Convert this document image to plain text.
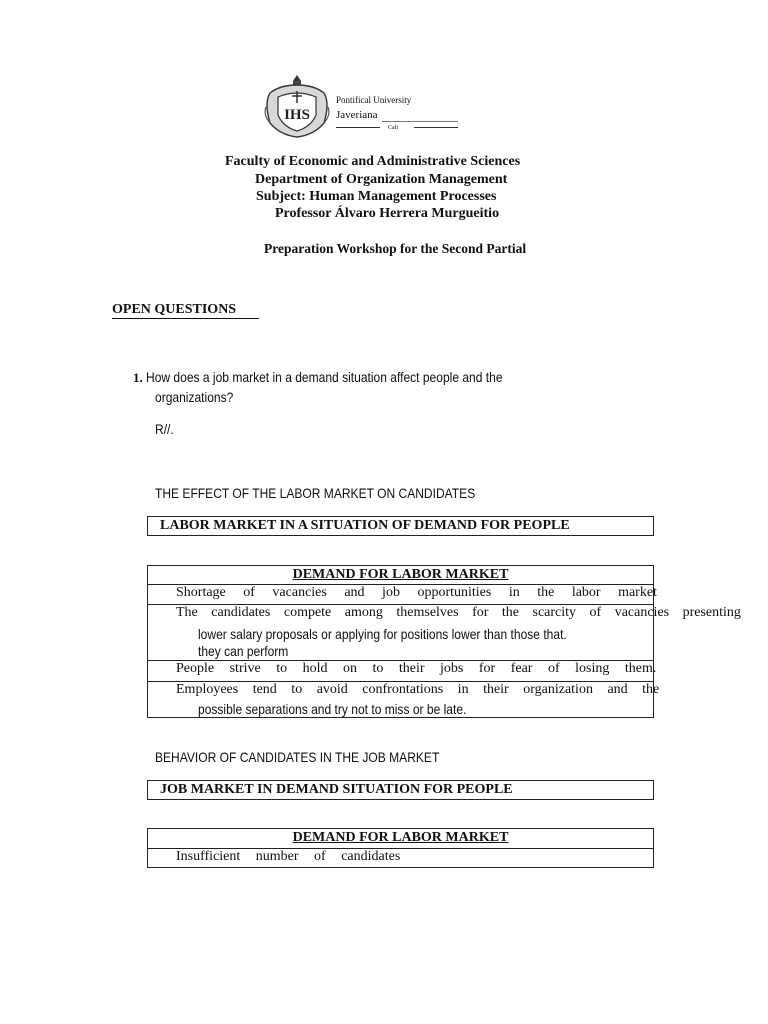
IHS
Pontifical University
Javeriana
Cali
Faculty of Economic and Administrative Sciences
Department of Organization Management
Subject: Human Management Processes
Professor Álvaro Herrera Murgueitio
Preparation Workshop for the Second Partial
OPEN QUESTIONS
1. How does a job market in a demand situation affect people and the
organizations?
R//.
THE EFFECT OF THE LABOR MARKET ON CANDIDATES
LABOR MARKET IN A SITUATION OF DEMAND FOR PEOPLE
DEMAND FOR LABOR MARKET
Shortage of vacancies and job opportunities in the labor market
The candidates compete among themselves for the scarcity of vacancies presenting
lower salary proposals or applying for positions lower than those that.
they can perform
People strive to hold on to their jobs for fear of losing them.
Employees tend to avoid confrontations in their organization and the
possible separations and try not to miss or be late.
BEHAVIOR OF CANDIDATES IN THE JOB MARKET
JOB MARKET IN DEMAND SITUATION FOR PEOPLE
DEMAND FOR LABOR MARKET
Insufficient number of candidates
